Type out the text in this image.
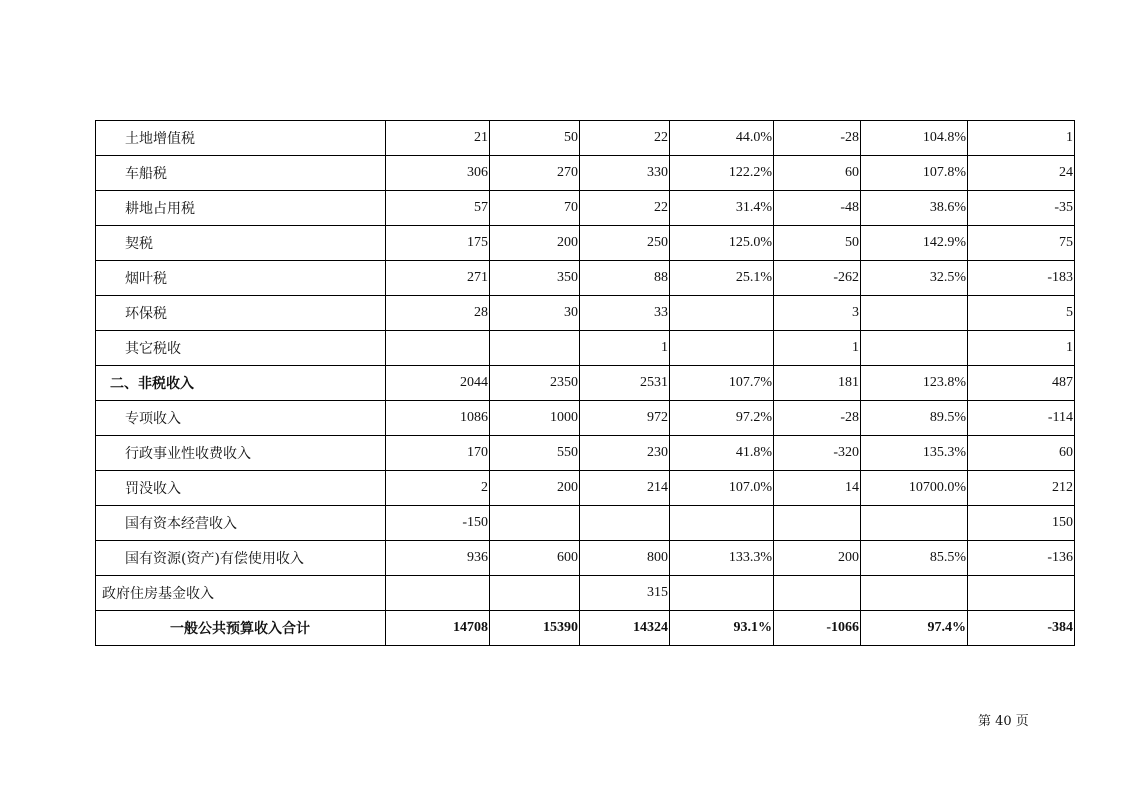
土地增值税	21	50	22	44.0%	-28	104.8%	1
车船税	306	270	330	122.2%	60	107.8%	24
耕地占用税	57	70	22	31.4%	-48	38.6%	-35
契税	175	200	250	125.0%	50	142.9%	75
烟叶税	271	350	88	25.1%	-262	32.5%	-183
环保税	28	30	33		3		5
其它税收			1		1		1
二、非税收入	2044	2350	2531	107.7%	181	123.8%	487
专项收入	1086	1000	972	97.2%	-28	89.5%	-114
行政事业性收费收入	170	550	230	41.8%	-320	135.3%	60
罚没收入	2	200	214	107.0%	14	10700.0%	212
国有资本经营收入	-150						150
国有资源(资产)有偿使用收入	936	600	800	133.3%	200	85.5%	-136
政府住房基金收入			315				
一般公共预算收入合计	14708	15390	14324	93.1%	-1066	97.4%	-384
第 40 页
